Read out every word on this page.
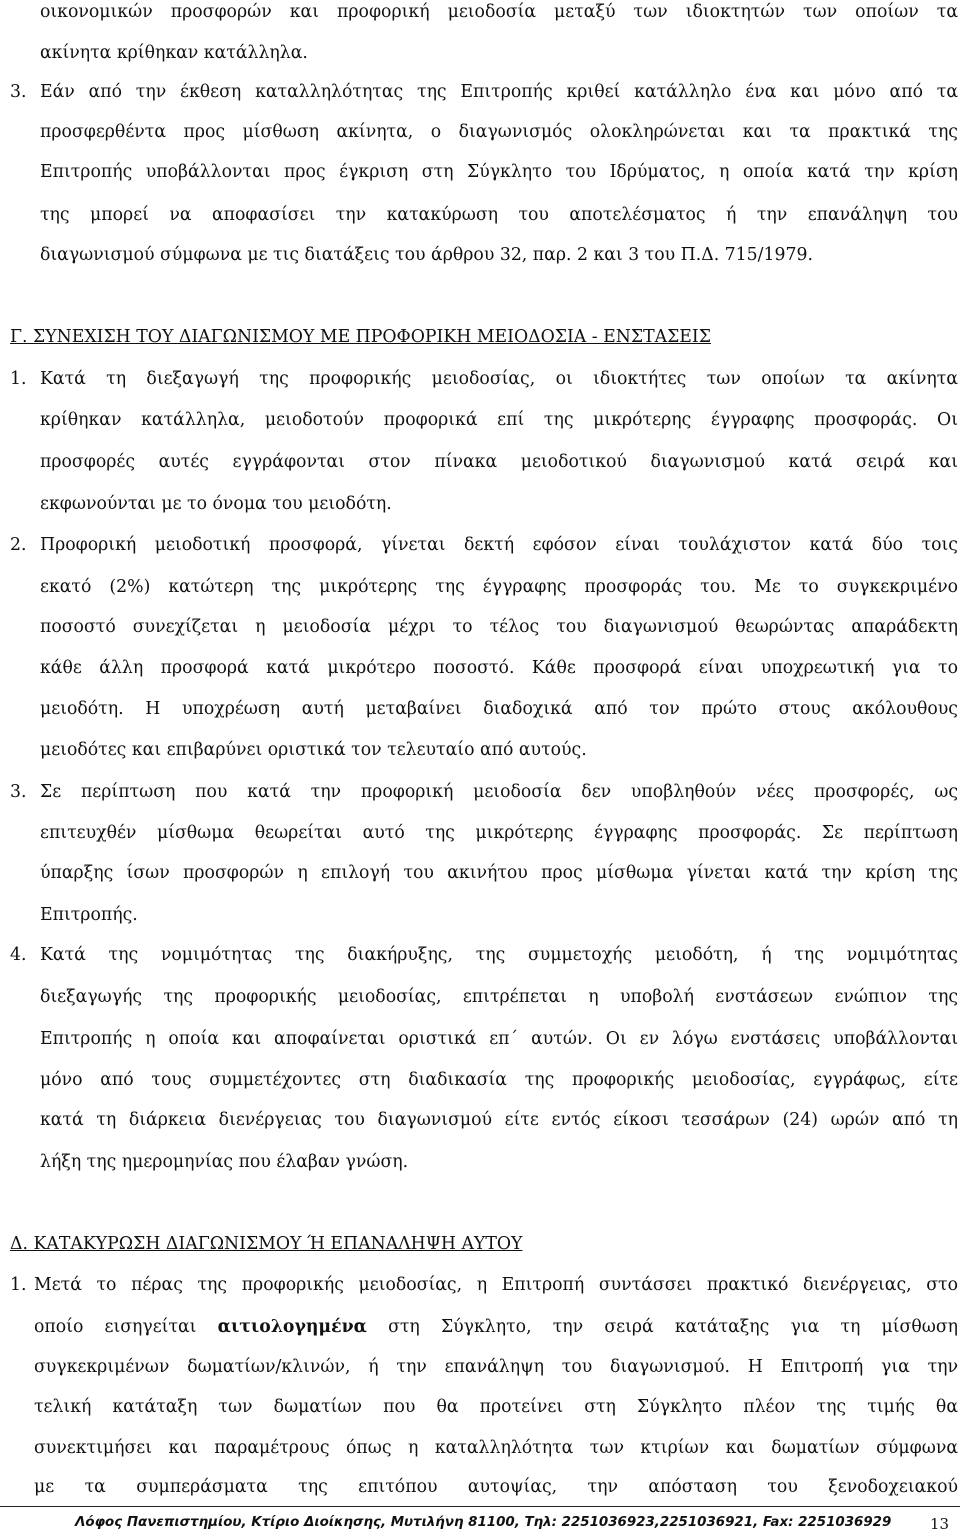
οικονομικών προσφορών και προφορική μειοδοσία μεταξύ των ιδιοκτητών των οποίων τα
ακίνητα κρίθηκαν κατάλληλα.
3. Εάν από την έκθεση καταλληλότητας της Επιτροπής κριθεί κατάλληλο ένα και μόνο από τα
προσφερθέντα προς μίσθωση ακίνητα, ο διαγωνισμός ολοκληρώνεται και τα πρακτικά της
Επιτροπής υποβάλλονται προς έγκριση στη Σύγκλητο του Ιδρύματος, η οποία κατά την κρίση
της μπορεί να αποφασίσει την κατακύρωση του αποτελέσματος ή την επανάληψη του
διαγωνισμού σύμφωνα με τις διατάξεις του άρθρου 32, παρ. 2 και 3 του Π.Δ. 715/1979.
Γ. ΣΥΝΕΧΙΣΗ ΤΟΥ ΔΙΑΓΩΝΙΣΜΟΥ ΜΕ ΠΡΟΦΟΡΙΚΗ ΜΕΙΟΔΟΣΙΑ - ΕΝΣΤΑΣΕΙΣ
1. Κατά τη διεξαγωγή της προφορικής μειοδοσίας, οι ιδιοκτήτες των οποίων τα ακίνητα
κρίθηκαν κατάλληλα, μειοδοτούν προφορικά επί της μικρότερης έγγραφης προσφοράς. Οι
προσφορές αυτές εγγράφονται στον πίνακα μειοδοτικού διαγωνισμού κατά σειρά και
εκφωνούνται με το όνομα του μειοδότη.
2. Προφορική μειοδοτική προσφορά, γίνεται δεκτή εφόσον είναι τουλάχιστον κατά δύο τοις
εκατό (2%) κατώτερη της μικρότερης της έγγραφης προσφοράς του. Με το συγκεκριμένο
ποσοστό συνεχίζεται η μειοδοσία μέχρι το τέλος του διαγωνισμού θεωρώντας απαράδεκτη
κάθε άλλη προσφορά κατά μικρότερο ποσοστό. Κάθε προσφορά είναι υποχρεωτική για το
μειοδότη. Η υποχρέωση αυτή μεταβαίνει διαδοχικά από τον πρώτο στους ακόλουθους
μειοδότες και επιβαρύνει οριστικά τον τελευταίο από αυτούς.
3. Σε περίπτωση που κατά την προφορική μειοδοσία δεν υποβληθούν νέες προσφορές, ως
επιτευχθέν μίσθωμα θεωρείται αυτό της μικρότερης έγγραφης προσφοράς. Σε περίπτωση
ύπαρξης ίσων προσφορών η επιλογή του ακινήτου προς μίσθωμα γίνεται κατά την κρίση της
Επιτροπής.
4. Κατά της νομιμότητας της διακήρυξης, της συμμετοχής μειοδότη, ή της νομιμότητας
διεξαγωγής της προφορικής μειοδοσίας, επιτρέπεται η υποβολή ενστάσεων ενώπιον της
Επιτροπής η οποία και αποφαίνεται οριστικά επ΄ αυτών. Οι εν λόγω ενστάσεις υποβάλλονται
μόνο από τους συμμετέχοντες στη διαδικασία της προφορικής μειοδοσίας, εγγράφως, είτε
κατά τη διάρκεια διενέργειας του διαγωνισμού είτε εντός είκοσι τεσσάρων (24) ωρών από τη
λήξη της ημερομηνίας που έλαβαν γνώση.
Δ. ΚΑΤΑΚΥΡΩΣΗ ΔΙΑΓΩΝΙΣΜΟΥ Ή ΕΠΑΝΑΛΗΨΗ ΑΥΤΟΥ
1. Μετά το πέρας της προφορικής μειοδοσίας, η Επιτροπή συντάσσει πρακτικό διενέργειας, στο
οποίο εισηγείται αιτιολογημένα στη Σύγκλητο, την σειρά κατάταξης για τη μίσθωση
συγκεκριμένων δωματίων/κλινών, ή την επανάληψη του διαγωνισμού. Η Επιτροπή για την
τελική κατάταξη των δωματίων που θα προτείνει στη Σύγκλητο πλέον της τιμής θα
συνεκτιμήσει και παραμέτρους όπως η καταλληλότητα των κτιρίων και δωματίων σύμφωνα
με τα συμπεράσματα της επιτόπου αυτοψίας, την απόσταση του ξενοδοχειακού
Λόφος Πανεπιστημίου, Κτίριο Διοίκησης, Μυτιλήνη 81100, Τηλ: 2251036923,2251036921, Fax: 2251036929	13
